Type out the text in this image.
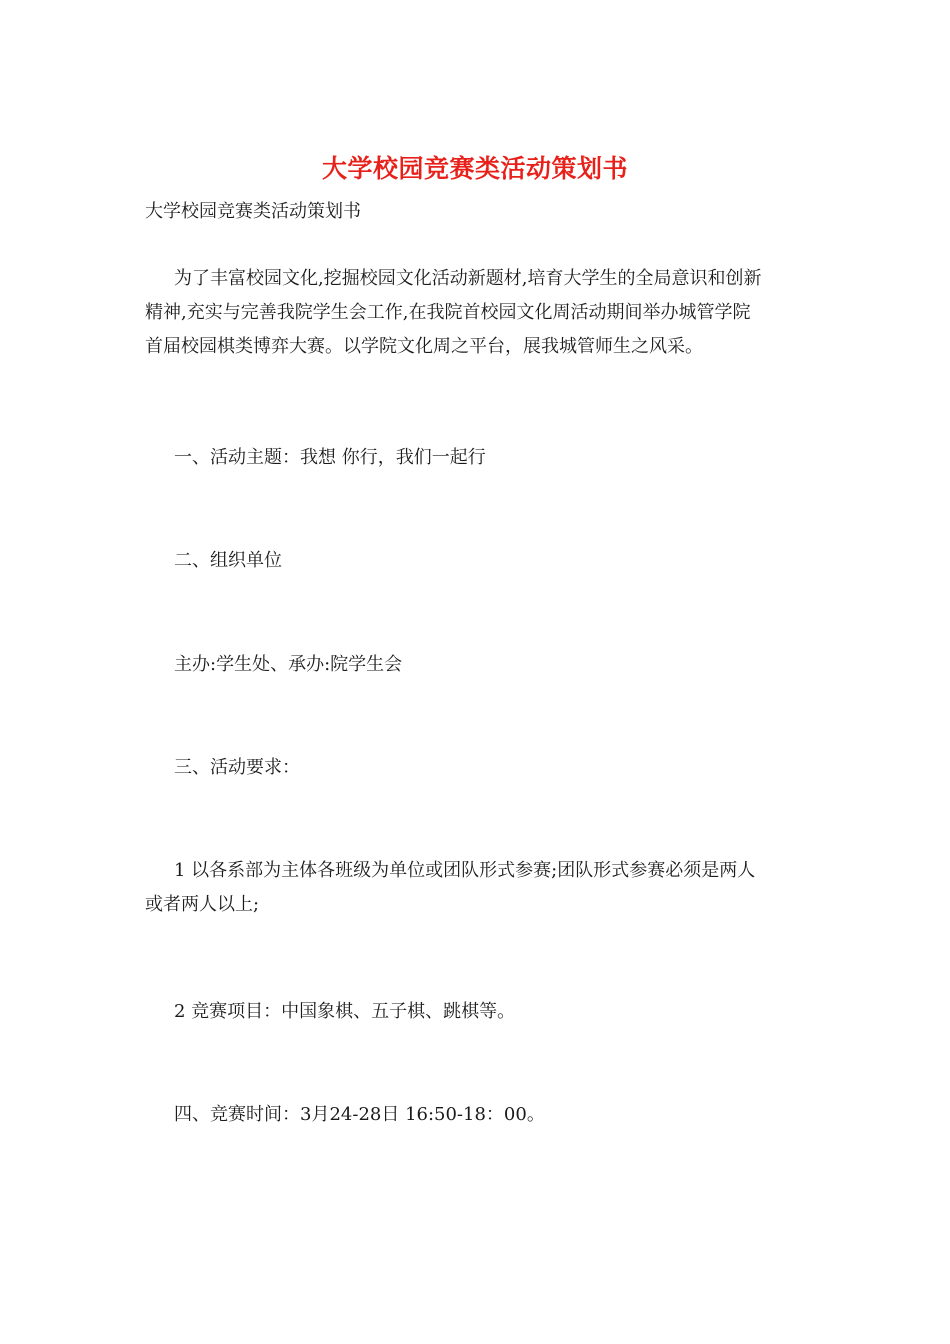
大学校园竞赛类活动策划书

大学校园竞赛类活动策划书

为了丰富校园文化,挖掘校园文化活动新题材,培育大学生的全局意识和创新
精神,充实与完善我院学生会工作,在我院首校园文化周活动期间举办城管学院
首届校园棋类博弈大赛。以学院文化周之平台，展我城管师生之风采。

一、活动主题：我想 你行，我们一起行

二、组织单位

主办:学生处、承办:院学生会

三、活动要求：

1 以各系部为主体各班级为单位或团队形式参赛;团队形式参赛必须是两人
或者两人以上;

2 竞赛项目：中国象棋、五子棋、跳棋等。

四、竞赛时间：3月24-28日 16:50-18：00。
